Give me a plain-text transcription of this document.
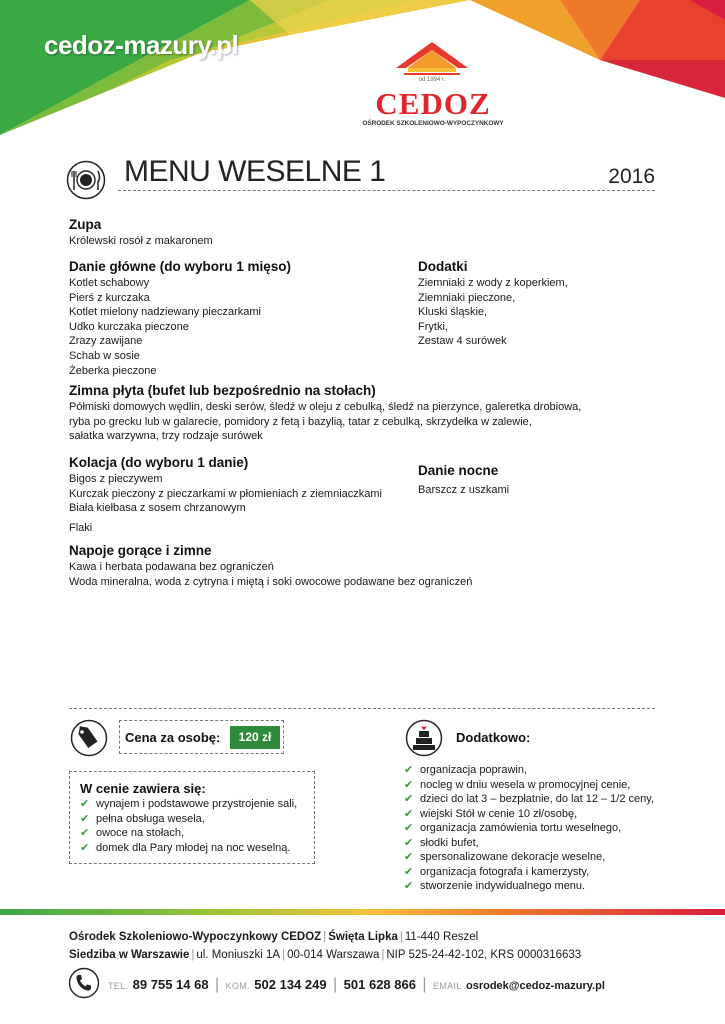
cedoz-mazury.pl
od 1994 r.
CEDOZ
OŚRODEK SZKOLENIOWO-WYPOCZYNKOWY
MENU WESELNE 1	2016
Zupa
Królewski rosół z makaronem
Danie główne (do wyboru 1 mięso)
Kotlet schabowy
Pierś z kurczaka
Kotlet mielony nadziewany pieczarkami
Udko kurczaka pieczone
Zrazy zawijane
Schab w sosie
Żeberka pieczone
Dodatki
Ziemniaki z wody z koperkiem,
Ziemniaki pieczone,
Kluski śląskie,
Frytki,
Zestaw 4 surówek
Zimna płyta (bufet lub bezpośrednio na stołach)
Półmiski domowych wędlin, deski serów, śledź w oleju z cebulką, śledź na pierzynce, galeretka drobiowa,
ryba po grecku lub w galarecie, pomidory z fetą i bazylią, tatar z cebulką, skrzydełka w zalewie,
sałatka warzywna, trzy rodzaje surówek
Kolacja (do wyboru 1 danie)
Bigos z pieczywem
Kurczak pieczony z pieczarkami w płomieniach z ziemniaczkami
Biała kiełbasa z sosem chrzanowym
Flaki
Danie nocne
Barszcz z uszkami
Napoje gorące i zimne
Kawa i herbata podawana bez ograniczeń
Woda mineralna, woda z cytryna i miętą i soki owocowe podawane bez ograniczeń
Cena za osobę:	120 zł
W cenie zawiera się:
✔ wynajem i podstawowe przystrojenie sali,
✔ pełna obsługa wesela,
✔ owoce na stołach,
✔ domek dla Pary młodej na noc weselną.
Dodatkowo:
✔ organizacja poprawin,
✔ nocleg w dniu wesela w promocyjnej cenie,
✔ dzieci do lat 3 – bezpłatnie, do lat 12 – 1/2 ceny,
✔ wiejski Stół w cenie 10 zł/osobę,
✔ organizacja zamówienia tortu weselnego,
✔ słodki bufet,
✔ spersonalizowane dekoracje weselne,
✔ organizacja fotografa i kamerzysty,
✔ stworzenie indywidualnego menu.
Ośrodek Szkoleniowo-Wypoczynkowy CEDOZ | Święta Lipka | 11-440 Reszel
Siedziba w Warszawie | ul. Moniuszki 1A | 00-014 Warszawa | NIP 525-24-42-102, KRS 0000316633
TEL. 89 755 14 68 | KOM. 502 134 249 | 501 628 866 | EMAIL osrodek@cedoz-mazury.pl
